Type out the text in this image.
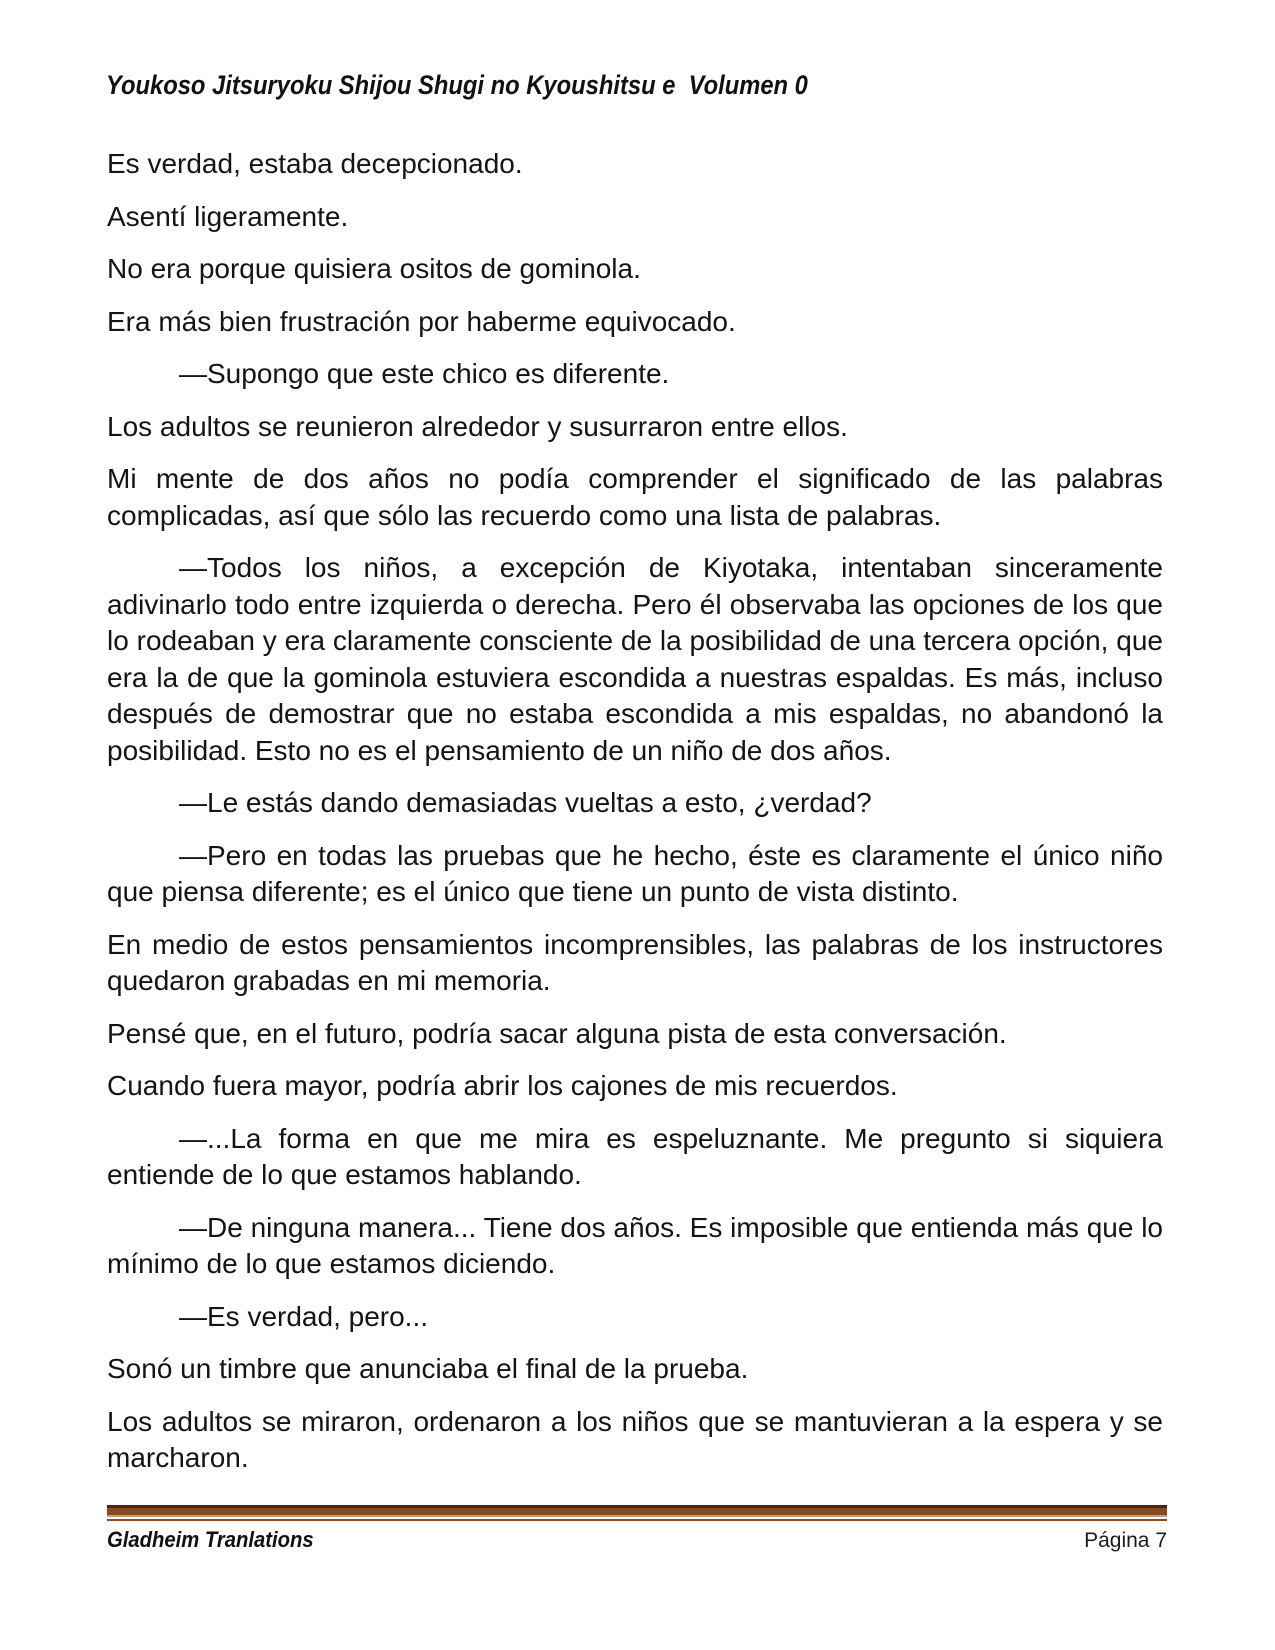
Youkoso Jitsuryoku Shijou Shugi no Kyoushitsu e  Volumen 0

Es verdad, estaba decepcionado.

Asentí ligeramente.

No era porque quisiera ositos de gominola.

Era más bien frustración por haberme equivocado.

—Supongo que este chico es diferente.

Los adultos se reunieron alrededor y susurraron entre ellos.

Mi mente de dos años no podía comprender el significado de las palabras complicadas, así que sólo las recuerdo como una lista de palabras.

—Todos los niños, a excepción de Kiyotaka, intentaban sinceramente adivinarlo todo entre izquierda o derecha. Pero él observaba las opciones de los que lo rodeaban y era claramente consciente de la posibilidad de una tercera opción, que era la de que la gominola estuviera escondida a nuestras espaldas. Es más, incluso después de demostrar que no estaba escondida a mis espaldas, no abandonó la posibilidad. Esto no es el pensamiento de un niño de dos años.

—Le estás dando demasiadas vueltas a esto, ¿verdad?

—Pero en todas las pruebas que he hecho, éste es claramente el único niño que piensa diferente; es el único que tiene un punto de vista distinto.

En medio de estos pensamientos incomprensibles, las palabras de los instructores quedaron grabadas en mi memoria.

Pensé que, en el futuro, podría sacar alguna pista de esta conversación.

Cuando fuera mayor, podría abrir los cajones de mis recuerdos.

—...La forma en que me mira es espeluznante. Me pregunto si siquiera entiende de lo que estamos hablando.

—De ninguna manera... Tiene dos años. Es imposible que entienda más que lo mínimo de lo que estamos diciendo.

—Es verdad, pero...

Sonó un timbre que anunciaba el final de la prueba.

Los adultos se miraron, ordenaron a los niños que se mantuvieran a la espera y se marcharon.

Gladheim Tranlations	Página 7
